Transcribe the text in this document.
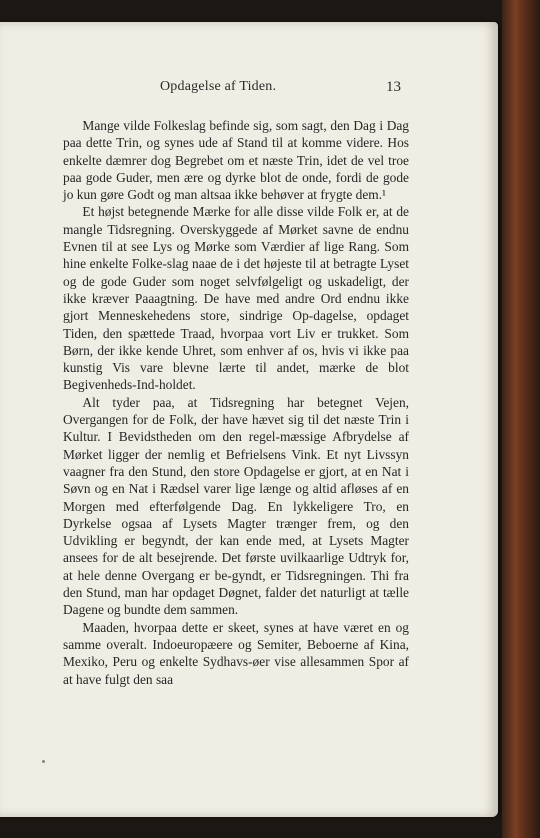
Opdagelse af Tiden.	13

Mange vilde Folkeslag befinde sig, som sagt, den Dag i Dag paa dette Trin, og synes ude af Stand til at komme videre. Hos enkelte dæmrer dog Begrebet om et næste Trin, idet de vel troe paa gode Guder, men ære og dyrke blot de onde, fordi de gode jo kun gøre Godt og man altsaa ikke behøver at frygte dem.¹

Et højst betegnende Mærke for alle disse vilde Folk er, at de mangle Tidsregning. Overskyggede af Mørket savne de endnu Evnen til at see Lys og Mørke som Værdier af lige Rang. Som hine enkelte Folke-slag naae de i det højeste til at betragte Lyset og de gode Guder som noget selvfølgeligt og uskadeligt, der ikke kræver Paaagtning. De have med andre Ord endnu ikke gjort Menneskehedens store, sindrige Op-dagelse, opdaget Tiden, den spættede Traad, hvorpaa vort Liv er trukket. Som Børn, der ikke kende Uhret, som enhver af os, hvis vi ikke paa kunstig Vis vare blevne lærte til andet, mærke de blot Begivenheds-Ind-holdet.

Alt tyder paa, at Tidsregning har betegnet Vejen, Overgangen for de Folk, der have hævet sig til det næste Trin i Kultur. I Bevidstheden om den regel-mæssige Afbrydelse af Mørket ligger der nemlig et Befrielsens Vink. Et nyt Livssyn vaagner fra den Stund, den store Opdagelse er gjort, at en Nat i Søvn og en Nat i Rædsel varer lige længe og altid afløses af en Morgen med efterfølgende Dag. En lykkeligere Tro, en Dyrkelse ogsaa af Lysets Magter trænger frem, og den Udvikling er begyndt, der kan ende med, at Lysets Magter ansees for de alt besejrende. Det første uvilkaarlige Udtryk for, at hele denne Overgang er be-gyndt, er Tidsregningen. Thi fra den Stund, man har opdaget Døgnet, falder det naturligt at tælle Dagene og bundte dem sammen.

Maaden, hvorpaa dette er skeet, synes at have været en og samme overalt. Indoeuropæere og Semiter, Beboerne af Kina, Mexiko, Peru og enkelte Sydhavs-øer vise allesammen Spor af at have fulgt den saa
